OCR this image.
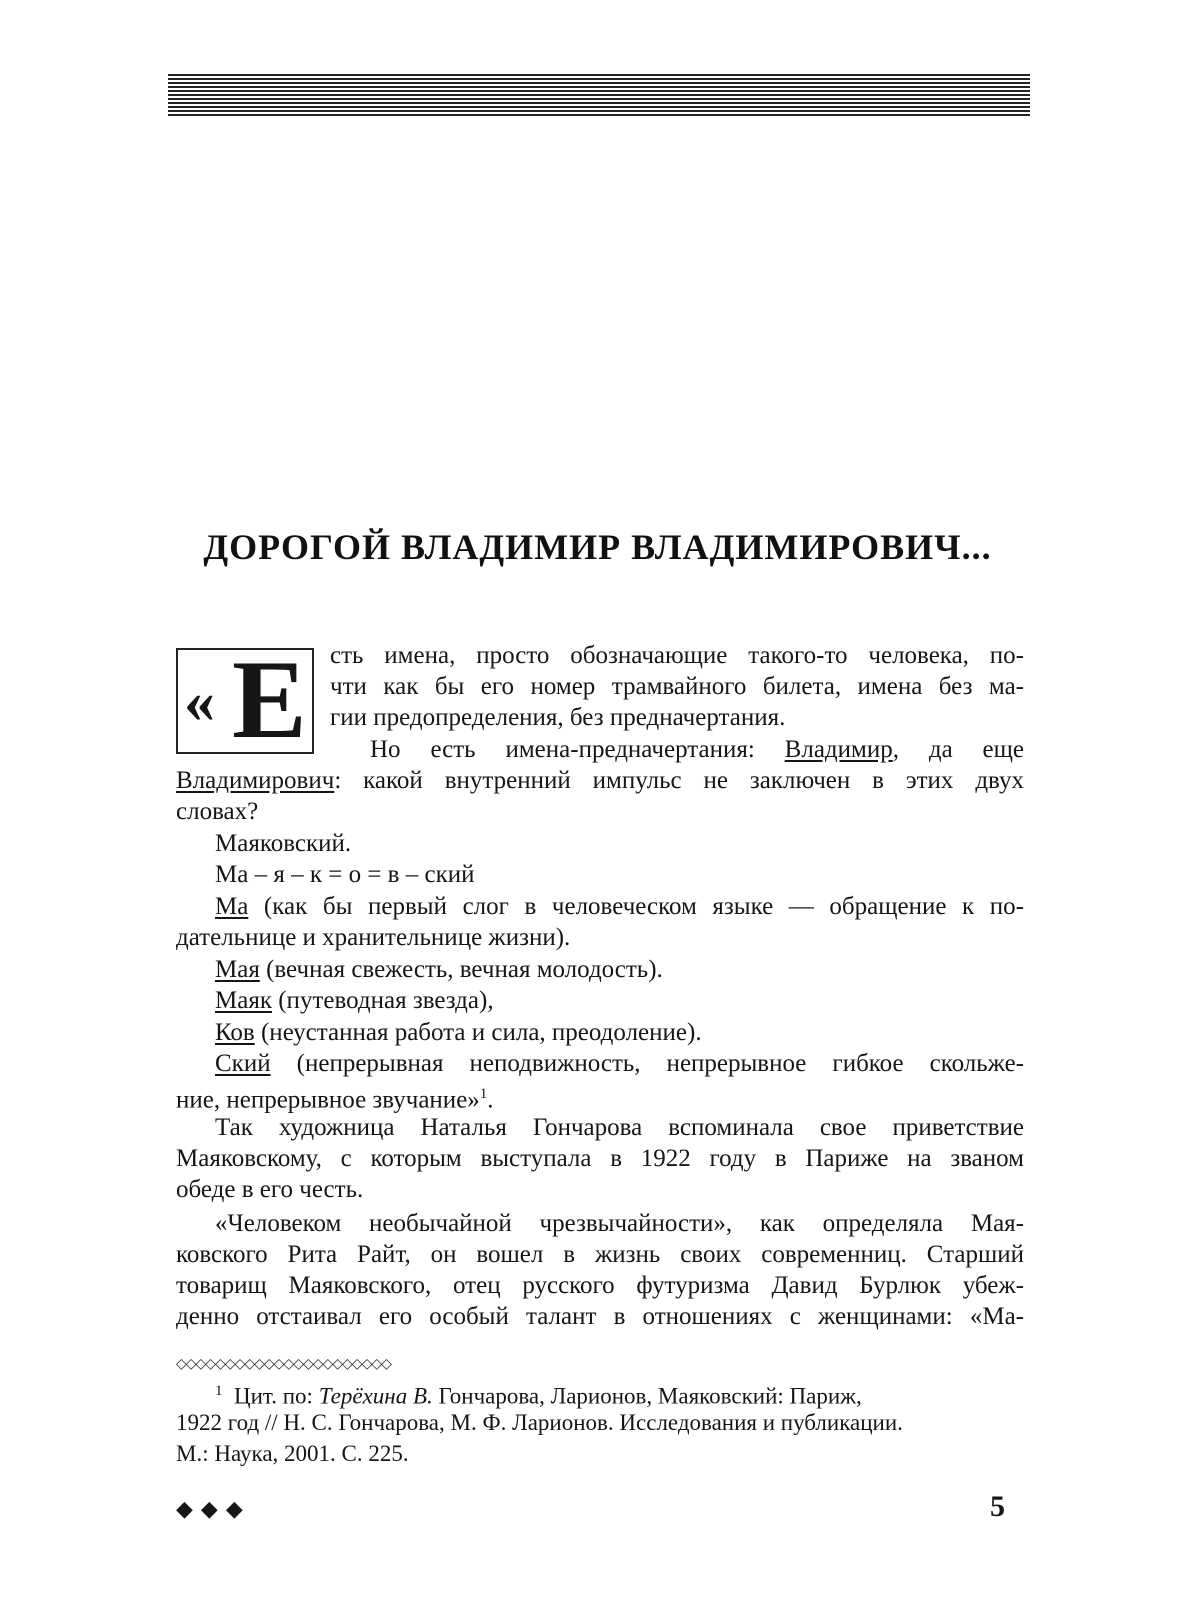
ДОРОГОЙ ВЛАДИМИР ВЛАДИМИРОВИЧ...
« Е сть имена, просто обозначающие такого-то человека, по-
чти как бы его номер трамвайного билета, имена без ма-
гии предопределения, без предначертания.
Но есть имена-предначертания: Владимир, да еще
Владимирович: какой внутренний импульс не заключен в этих двух
словах?
Маяковский.
Ма – я – к = о = в – ский
Ма (как бы первый слог в человеческом языке — обращение к по-
дательнице и хранительнице жизни).
Мая (вечная свежесть, вечная молодость).
Маяк (путеводная звезда),
Ков (неустанная работа и сила, преодоление).
Ский (непрерывная неподвижность, непрерывное гибкое скольже-
ние, непрерывное звучание»$^1$.
Так художница Наталья Гончарова вспоминала свое приветствие
Маяковскому, с которым выступала в 1922 году в Париже на званом
обеде в его честь.
«Человеком необычайной чрезвычайности», как определяла Мая-
ковского Рита Райт, он вошел в жизнь своих современниц. Старший
товарищ Маяковского, отец русского футуризма Давид Бурлюк убеж-
денно отстаивал его особый талант в отношениях с женщинами: «Ма-
◇◇◇◇◇◇◇◇◇◇◇◇◇◇◇◇◇◇◇◇◇◇
$^1$ Цит. по: Терёхина В. Гончарова, Ларионов, Маяковский: Париж,
1922 год // Н. С. Гончарова, М. Ф. Ларионов. Исследования и публикации.
М.: Наука, 2001. С. 225.
◆◆◆	5
